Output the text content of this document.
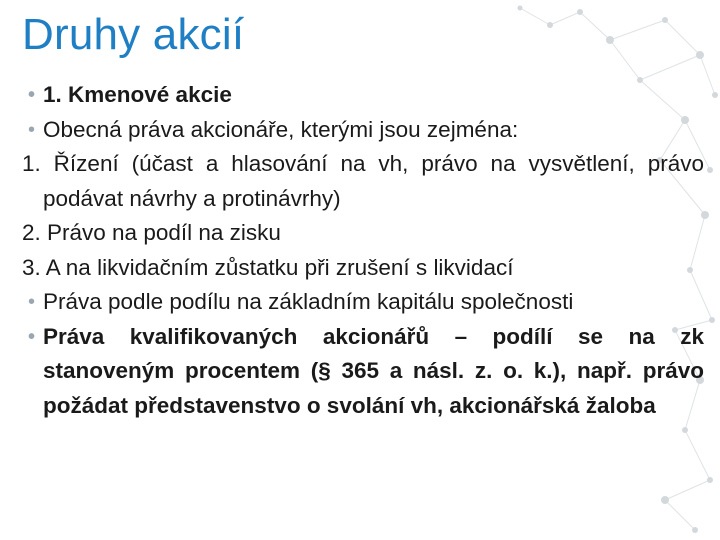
Druhy akcií
• 1. Kmenové akcie
• Obecná práva akcionáře, kterými jsou zejména:
1. Řízení (účast a hlasování na vh, právo na vysvětlení, právo podávat návrhy a protinávrhy)
2. Právo na podíl na zisku
3. A na likvidačním zůstatku při zrušení s likvidací
• Práva podle podílu na základním kapitálu společnosti
• Práva kvalifikovaných akcionářů – podílí se na zk stanoveným procentem (§ 365 a násl. z. o. k.), např. právo požádat představenstvo o svolání vh, akcionářská žaloba
